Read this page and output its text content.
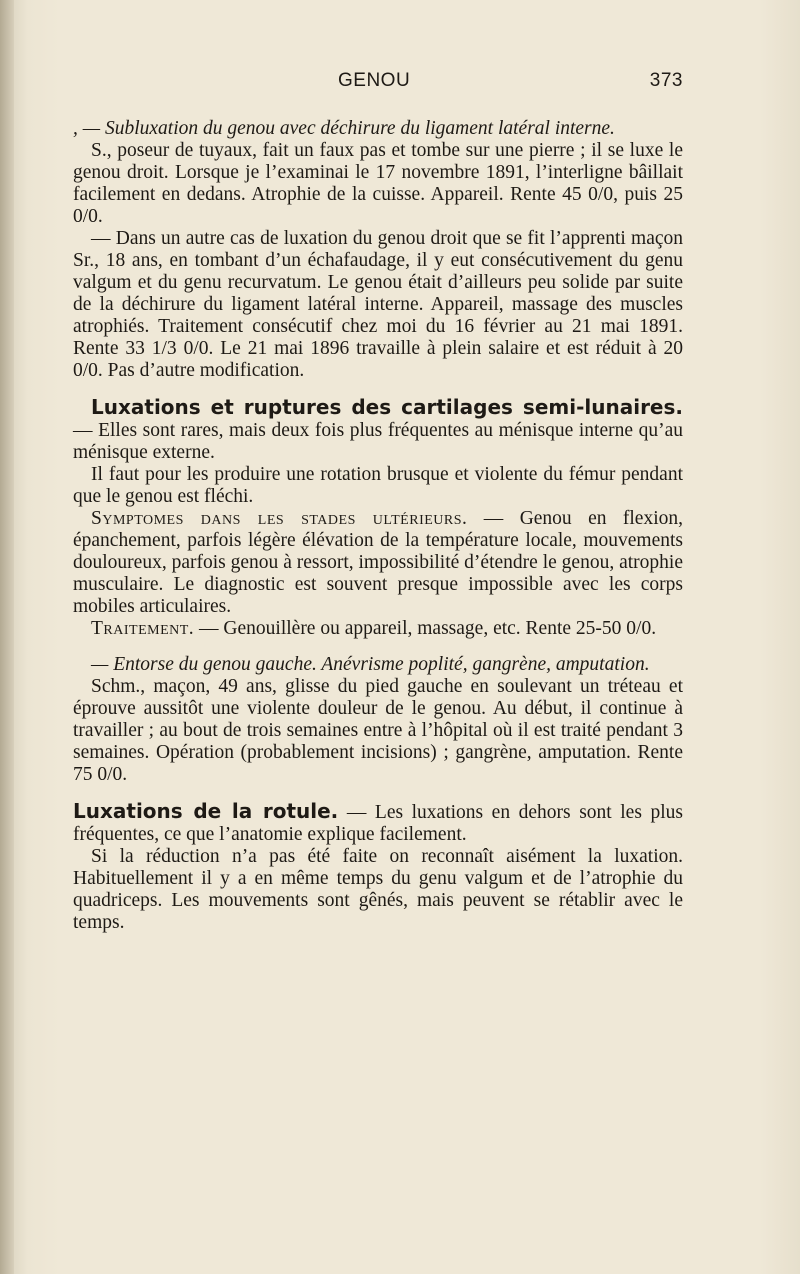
GENOU	373

, — Subluxation du genou avec déchirure du ligament latéral interne.

S., poseur de tuyaux, fait un faux pas et tombe sur une pierre ; il se luxe le genou droit. Lorsque je l’examinai le 17 novembre 1891, l’interligne bâillait facilement en dedans. Atrophie de la cuisse. Appareil. Rente 45 0/0, puis 25 0/0.

— Dans un autre cas de luxation du genou droit que se fit l’apprenti maçon Sr., 18 ans, en tombant d’un échafaudage, il y eut consécutivement du genu valgum et du genu recurvatum. Le genou était d’ailleurs peu solide par suite de la déchirure du ligament latéral interne. Appareil, massage des muscles atrophiés. Traitement consécutif chez moi du 16 février au 21 mai 1891. Rente 33 1/3 0/0. Le 21 mai 1896 travaille à plein salaire et est réduit à 20 0/0. Pas d’autre modification.

Luxations et ruptures des cartilages semi-lunaires. — Elles sont rares, mais deux fois plus fréquentes au ménisque interne qu’au ménisque externe.

Il faut pour les produire une rotation brusque et violente du fémur pendant que le genou est fléchi.

Symptomes dans les stades ultérieurs. — Genou en flexion, épanchement, parfois légère élévation de la température locale, mouvements douloureux, parfois genou à ressort, impossibilité d’étendre le genou, atrophie musculaire. Le diagnostic est souvent presque impossible avec les corps mobiles articulaires.

Traitement. — Genouillère ou appareil, massage, etc. Rente 25-50 0/0.

— Entorse du genou gauche. Anévrisme poplité, gangrène, amputation.

Schm., maçon, 49 ans, glisse du pied gauche en soulevant un tréteau et éprouve aussitôt une violente douleur de le genou. Au début, il continue à travailler ; au bout de trois semaines entre à l’hôpital où il est traité pendant 3 semaines. Opération (probablement incisions) ; gangrène, amputation. Rente 75 0/0.

Luxations de la rotule. — Les luxations en dehors sont les plus fréquentes, ce que l’anatomie explique facilement.

Si la réduction n’a pas été faite on reconnaît aisément la luxation. Habituellement il y a en même temps du genu valgum et de l’atrophie du quadriceps. Les mouvements sont gênés, mais peuvent se rétablir avec le temps.
